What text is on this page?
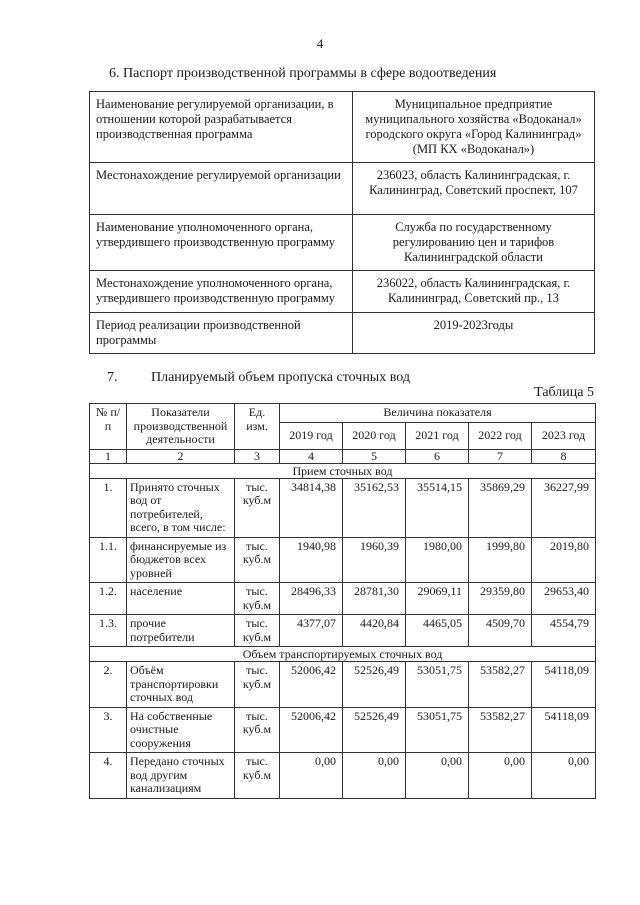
4
6. Паспорт производственной программы в сфере водоотведения
Наименование регулируемой организации, в отношении которой разрабатывается производственная программа	Муниципальное предприятие муниципального хозяйства «Водоканал» городского округа «Город Калининград» (МП КХ «Водоканал»)
Местонахождение регулируемой организации	236023, область Калининградская, г. Калининград, Советский проспект, 107
Наименование уполномоченного органа, утвердившего производственную программу	Служба по государственному регулированию цен и тарифов Калининградской области
Местонахождение уполномоченного органа, утвердившего производственную программу	236022, область Калининградская, г. Калининград, Советский пр., 13
Период реализации производственной программы	2019-2023годы
7. Планируемый объем пропуска сточных вод
Таблица 5
№ п/п	Показатели производственной деятельности	Ед. изм.	Величина показателя				
			2019 год	2020 год	2021 год	2022 год	2023 год
1	2	3	4	5	6	7	8
Прием сточных вод							
1.	Принято сточных вод от потребителей, всего, в том числе:	тыс. куб.м	34814,38	35162,53	35514,15	35869,29	36227,99
1.1.	финансируемые из бюджетов всех уровней	тыс. куб.м	1940,98	1960,39	1980,00	1999,80	2019,80
1.2.	население	тыс. куб.м	28496,33	28781,30	29069,11	29359,80	29653,40
1.3.	прочие потребители	тыс. куб.м	4377,07	4420,84	4465,05	4509,70	4554,79
Объем транспортируемых сточных вод							
2.	Объём транспортировки сточных вод	тыс. куб.м	52006,42	52526,49	53051,75	53582,27	54118,09
3.	На собственные очистные сооружения	тыс. куб.м	52006,42	52526,49	53051,75	53582,27	54118,09
4.	Передано сточных вод другим канализациям	тыс. куб.м	0,00	0,00	0,00	0,00	0,00
